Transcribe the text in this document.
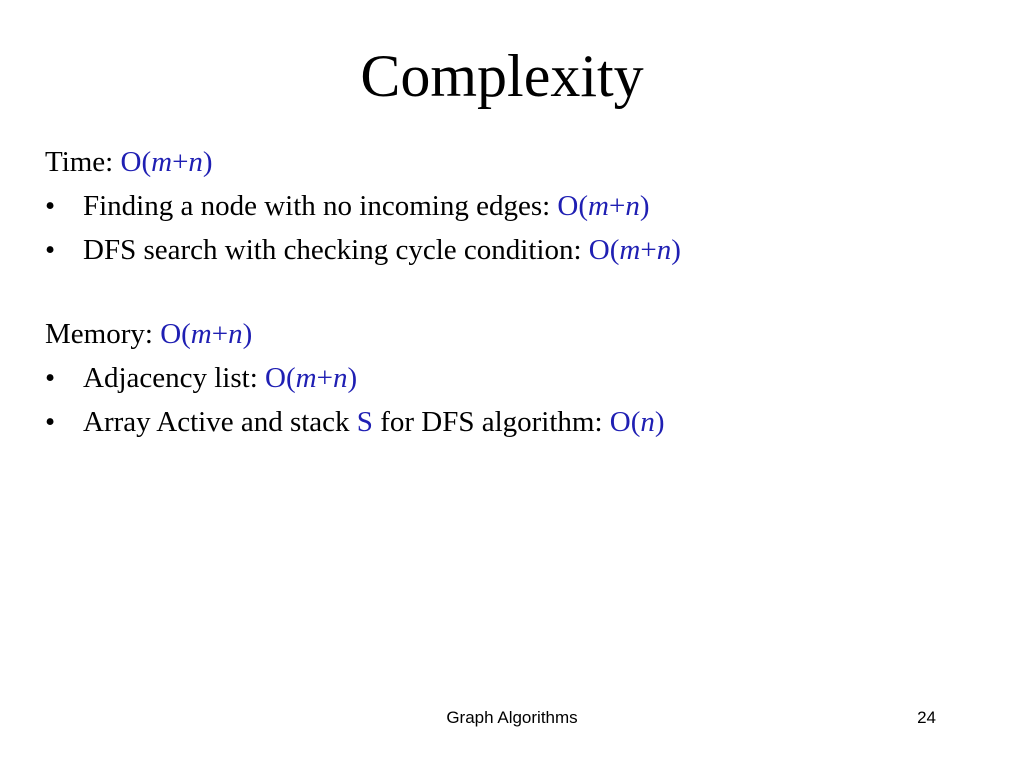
Complexity
Time: O(m+n)
• Finding a node with no incoming edges: O(m+n)
• DFS search with checking cycle condition: O(m+n)
Memory: O(m+n)
• Adjacency list: O(m+n)
• Array Active and stack S for DFS algorithm: O(n)
Graph Algorithms	24
